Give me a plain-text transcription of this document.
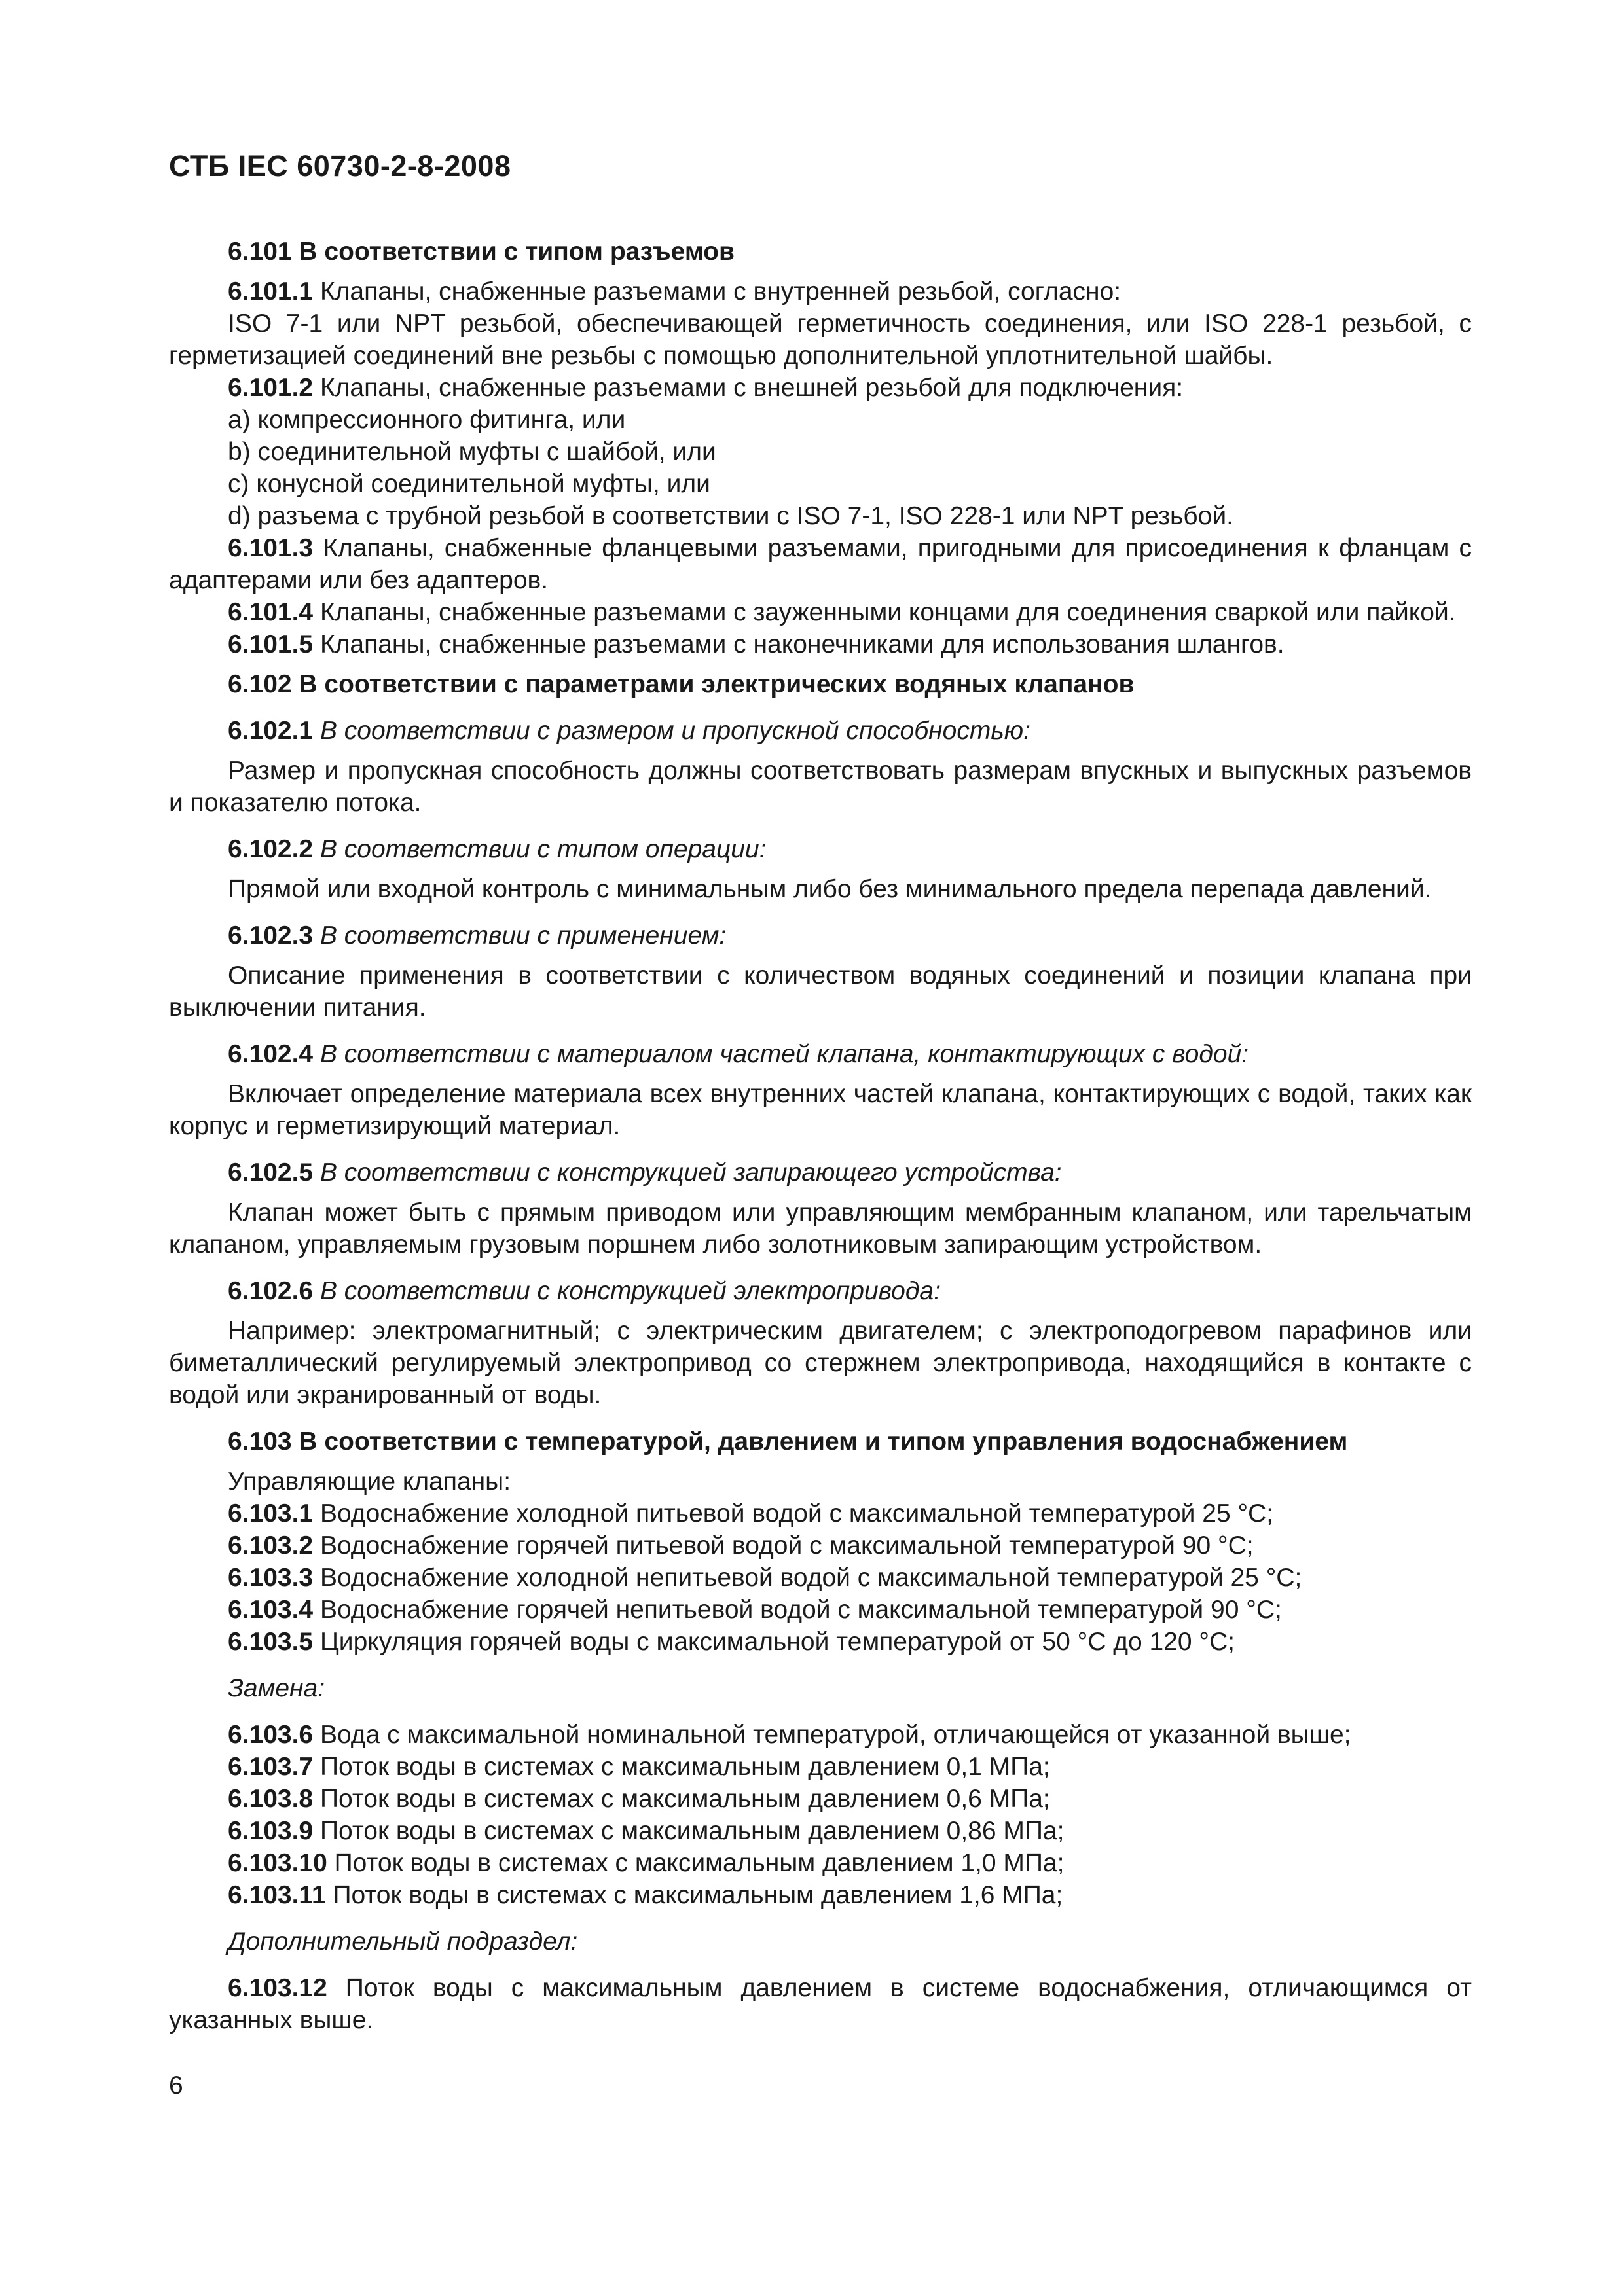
СТБ IEC 60730-2-8-2008

6.101 В соответствии с типом разъемов

6.101.1 Клапаны, снабженные разъемами с внутренней резьбой, согласно:

ISO 7-1 или NPT резьбой, обеспечивающей герметичность соединения, или ISO 228-1 резьбой, с герметизацией соединений вне резьбы с помощью дополнительной уплотнительной шайбы.

6.101.2 Клапаны, снабженные разъемами с внешней резьбой для подключения:

a) компрессионного фитинга, или

b) соединительной муфты с шайбой, или

c) конусной соединительной муфты, или

d) разъема с трубной резьбой в соответствии с ISO 7-1, ISO 228-1 или NPT резьбой.

6.101.3 Клапаны, снабженные фланцевыми разъемами, пригодными для присоединения к фланцам с адаптерами или без адаптеров.

6.101.4 Клапаны, снабженные разъемами с зауженными концами для соединения сваркой или пайкой.

6.101.5 Клапаны, снабженные разъемами с наконечниками для использования шлангов.

6.102 В соответствии с параметрами электрических водяных клапанов

6.102.1 В соответствии с размером и пропускной способностью:

Размер и пропускная способность должны соответствовать размерам впускных и выпускных разъемов и показателю потока.

6.102.2 В соответствии с типом операции:

Прямой или входной контроль с минимальным либо без минимального предела перепада давлений.

6.102.3 В соответствии с применением:

Описание применения в соответствии с количеством водяных соединений и позиции клапана при выключении питания.

6.102.4 В соответствии с материалом частей клапана, контактирующих с водой:

Включает определение материала всех внутренних частей клапана, контактирующих с водой, таких как корпус и герметизирующий материал.

6.102.5 В соответствии с конструкцией запирающего устройства:

Клапан может быть с прямым приводом или управляющим мембранным клапаном, или тарельчатым клапаном, управляемым грузовым поршнем либо золотниковым запирающим устройством.

6.102.6 В соответствии с конструкцией электропривода:

Например: электромагнитный; с электрическим двигателем; с электроподогревом парафинов или биметаллический регулируемый электропривод со стержнем электропривода, находящийся в контакте с водой или экранированный от воды.

6.103 В соответствии с температурой, давлением и типом управления водоснабжением

Управляющие клапаны:

6.103.1 Водоснабжение холодной питьевой водой с максимальной температурой 25 °С;

6.103.2 Водоснабжение горячей питьевой водой с максимальной температурой 90 °С;

6.103.3 Водоснабжение холодной непитьевой водой с максимальной температурой 25 °С;

6.103.4 Водоснабжение горячей непитьевой водой с максимальной температурой 90 °С;

6.103.5 Циркуляция горячей воды с максимальной температурой от 50 °С до 120 °С;

Замена:

6.103.6 Вода с максимальной номинальной температурой, отличающейся от указанной выше;

6.103.7 Поток воды в системах с максимальным давлением 0,1 МПа;

6.103.8 Поток воды в системах с максимальным давлением 0,6 МПа;

6.103.9 Поток воды в системах с максимальным давлением 0,86 МПа;

6.103.10 Поток воды в системах с максимальным давлением 1,0 МПа;

6.103.11 Поток воды в системах с максимальным давлением 1,6 МПа;

Дополнительный подраздел:

6.103.12 Поток воды с максимальным давлением в системе водоснабжения, отличающимся от указанных выше.

6
